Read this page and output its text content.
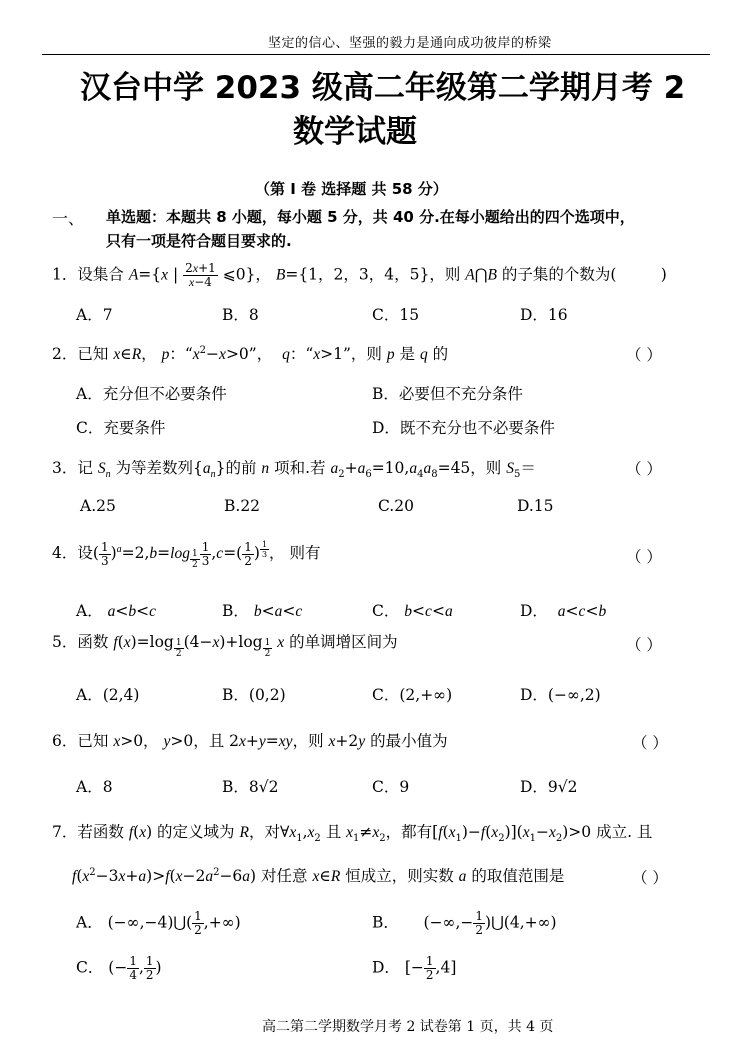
坚定的信心、坚强的毅力是通向成功彼岸的桥梁
汉台中学 2023 级高二年级第二学期月考 2
数学试题
（第 I 卷 选择题 共 58 分）
一、 单选题：本题共 8 小题，每小题 5 分，共 40 分.在每小题给出的四个选项中，
只有一项是符合题目要求的.
1．设集合 A={x | $\frac{2x+1}{x-4}$ ⩽0}， B={1，2，3，4，5}，则 A⋂B 的子集的个数为(         )
A．7	B．8	C．15	D．16
2．已知 x∈R， p：“$x^2-x>0$”，  q：“x>1”，则 p 是 q 的	（ ）
A．充分但不必要条件	B．必要但不充分条件
C．充要条件	D．既不充分也不必要条件
3．记 $S_n$ 为等差数列$\{a_n\}$的前 n 项和.若 $a_2+a_6=10,a_4a_8=45$，则 $S_5=$	（ ）
A.25	B.22	C.20	D.15
4．设( $\frac{1}{3} )^a=2,b=\log$ $_{\frac{1}{2}} \frac{1}{3} ,c=( \frac{1}{2}$ ) $^{\frac{1}{3}}$ ， 则有	（ ）
A． a<b<c	B． b<a<c	C． b<c<a	D．  a<c<b
5．函数 f(x)=log $_{\frac{1}{2}}$ (4−x)+log $_{\frac{1}{2}}$ x 的单调增区间为	（ ）
A．(2,4)	B．(0,2)	C．(2,+∞)	D．(−∞,2)
6．已知 x>0， y>0，且 2x+y=xy，则 x+2y 的最小值为	（ ）
A．8	B．8√2	C．9	D．9√2
7．若函数 f(x) 的定义域为 R，对$\forall x_1,x_2$ 且 $x_1\ne x_2$，都有$[f(x_1)-f(x_2)](x_1-x_2)>0$ 成立. 且
$f(x^2-3x+a)>f(x-2a^2-6a)$ 对任意 x∈R 恒成立，则实数 a 的取值范围是	（ ）
A． (−∞,−4)⋃( $\frac{1}{2}$ ,+∞)	B．     (−∞,− $\frac{1}{2}$ )⋃(4,+∞)
C． (− $\frac{1}{4}$ , $\frac{1}{2}$ )	D． [− $\frac{1}{2} ,4$]
高二第二学期数学月考 2 试卷第 1 页，共 4 页
